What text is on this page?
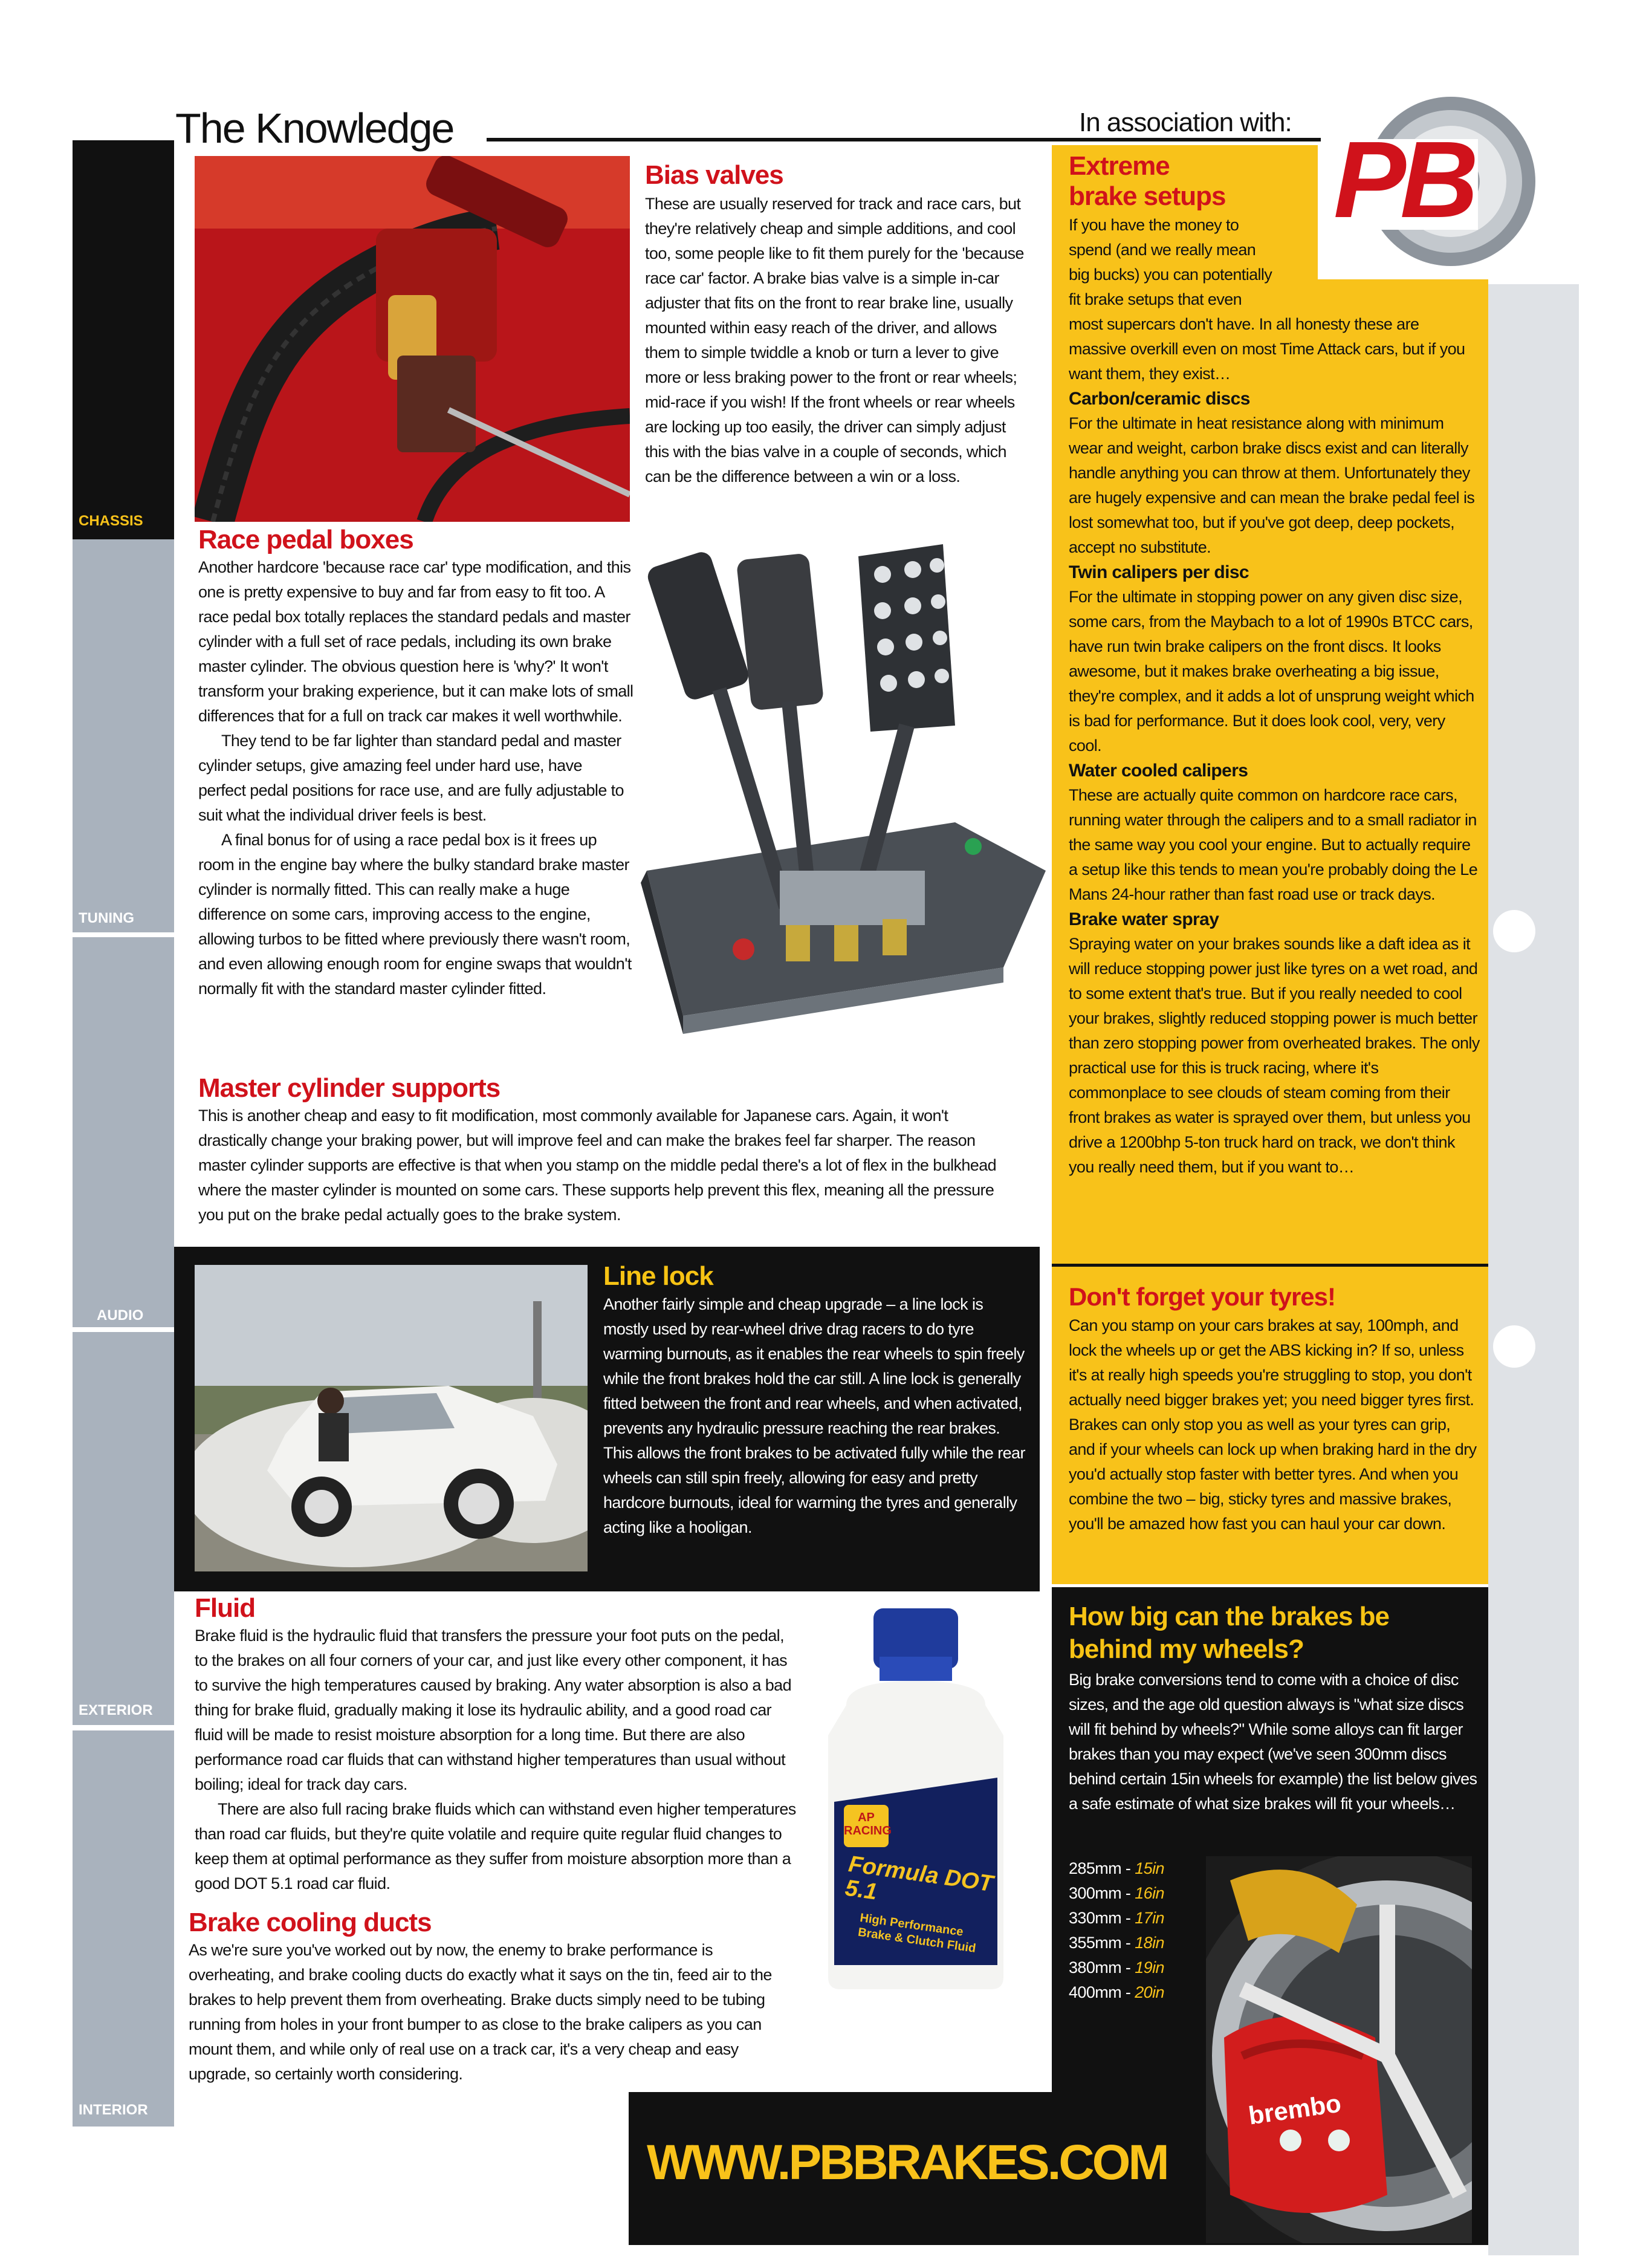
The Knowledge	In association with: PB
CHASSIS
TUNING
AUDIO
EXTERIOR
INTERIOR
Bias valves

These are usually reserved for track and race cars, but they're relatively cheap and simple additions, and cool too, some people like to fit them purely for the 'because race car' factor. A brake bias valve is a simple in-car adjuster that fits on the front to rear brake line, usually mounted within easy reach of the driver, and allows them to simple twiddle a knob or turn a lever to give more or less braking power to the front or rear wheels; mid-race if you wish! If the front wheels or rear wheels are locking up too easily, the driver can simply adjust this with the bias valve in a couple of seconds, which can be the difference between a win or a loss.

Race pedal boxes

Another hardcore 'because race car' type modification, and this one is pretty expensive to buy and far from easy to fit too. A race pedal box totally replaces the standard pedals and master cylinder with a full set of race pedals, including its own brake master cylinder. The obvious question here is 'why?' It won't transform your braking experience, but it can make lots of small differences that for a full on track car makes it well worthwhile.

They tend to be far lighter than standard pedal and master cylinder setups, give amazing feel under hard use, have perfect pedal positions for race use, and are fully adjustable to suit what the individual driver feels is best.

A final bonus for of using a race pedal box is it frees up room in the engine bay where the bulky standard brake master cylinder is normally fitted. This can really make a huge difference on some cars, improving access to the engine, allowing turbos to be fitted where previously there wasn't room, and even allowing enough room for engine swaps that wouldn't normally fit with the standard master cylinder fitted.

Master cylinder supports

This is another cheap and easy to fit modification, most commonly available for Japanese cars. Again, it won't drastically change your braking power, but will improve feel and can make the brakes feel far sharper. The reason master cylinder supports are effective is that when you stamp on the middle pedal there's a lot of flex in the bulkhead where the master cylinder is mounted on some cars. These supports help prevent this flex, meaning all the pressure you put on the brake pedal actually goes to the brake system.

Line lock

Another fairly simple and cheap upgrade – a line lock is mostly used by rear-wheel drive drag racers to do tyre warming burnouts, as it enables the rear wheels to spin freely while the front brakes hold the car still. A line lock is generally fitted between the front and rear wheels, and when activated, prevents any hydraulic pressure reaching the rear brakes. This allows the front brakes to be activated fully while the rear wheels can still spin freely, allowing for easy and pretty hardcore burnouts, ideal for warming the tyres and generally acting like a hooligan.

Fluid

Brake fluid is the hydraulic fluid that transfers the pressure your foot puts on the pedal, to the brakes on all four corners of your car, and just like every other component, it has to survive the high temperatures caused by braking. Any water absorption is also a bad thing for brake fluid, gradually making it lose its hydraulic ability, and a good road car fluid will be made to resist moisture absorption for a long time. But there are also performance road car fluids that can withstand higher temperatures than usual without boiling; ideal for track day cars.

There are also full racing brake fluids which can withstand even higher temperatures than road car fluids, but they're quite volatile and require quite regular fluid changes to keep them at optimal performance as they suffer from moisture absorption more than a good DOT 5.1 road car fluid.

AP RACING
Formula DOT 5.1
High Performance Brake & Clutch Fluid
Brake cooling ducts

As we're sure you've worked out by now, the enemy to brake performance is overheating, and brake cooling ducts do exactly what it says on the tin, feed air to the brakes to help prevent them from overheating. Brake ducts simply need to be tubing running from holes in your front bumper to as close to the brake calipers as you can mount them, and while only of real use on a track car, it's a very cheap and easy upgrade, so certainly worth considering.

Extreme
brake setups
If you have the money to
spend (and we really mean
big bucks) you can potentially
fit brake setups that even

most supercars don't have. In all honesty these are massive overkill even on most Time Attack cars, but if you want them, they exist…

Carbon/ceramic discs

For the ultimate in heat resistance along with minimum wear and weight, carbon brake discs exist and can literally handle anything you can throw at them. Unfortunately they are hugely expensive and can mean the brake pedal feel is lost somewhat too, but if you've got deep, deep pockets, accept no substitute.

Twin calipers per disc

For the ultimate in stopping power on any given disc size, some cars, from the Maybach to a lot of 1990s BTCC cars, have run twin brake calipers on the front discs. It looks awesome, but it makes brake overheating a big issue, they're complex, and it adds a lot of unsprung weight which is bad for performance. But it does look cool, very, very cool.

Water cooled calipers

These are actually quite common on hardcore race cars, running water through the calipers and to a small radiator in the same way you cool your engine. But to actually require a setup like this tends to mean you're probably doing the Le Mans 24-hour rather than fast road use or track days.

Brake water spray

Spraying water on your brakes sounds like a daft idea as it will reduce stopping power just like tyres on a wet road, and to some extent that's true. But if you really needed to cool your brakes, slightly reduced stopping power is much better than zero stopping power from overheated brakes. The only practical use for this is truck racing, where it's commonplace to see clouds of steam coming from their front brakes as water is sprayed over them, but unless you drive a 1200bhp 5-ton truck hard on track, we don't think you really need them, but if you want to…

Don't forget your tyres!

Can you stamp on your cars brakes at say, 100mph, and lock the wheels up or get the ABS kicking in? If so, unless it's at really high speeds you're struggling to stop, you don't actually need bigger brakes yet; you need bigger tyres first. Brakes can only stop you as well as your tyres can grip, and if your wheels can lock up when braking hard in the dry you'd actually stop faster with better tyres. And when you combine the two – big, sticky tyres and massive brakes, you'll be amazed how fast you can haul your car down.

How big can the brakes be
behind my wheels?

Big brake conversions tend to come with a choice of disc sizes, and the age old question always is "what size discs will fit behind by wheels?" While some alloys can fit larger brakes than you may expect (we've seen 300mm discs behind certain 15in wheels for example) the list below gives a safe estimate of what size brakes will fit your wheels…

285mm - 15in
300mm - 16in
330mm - 17in
355mm - 18in
380mm - 19in
400mm - 20in
brembo
WWW.PBBRAKES.COM
